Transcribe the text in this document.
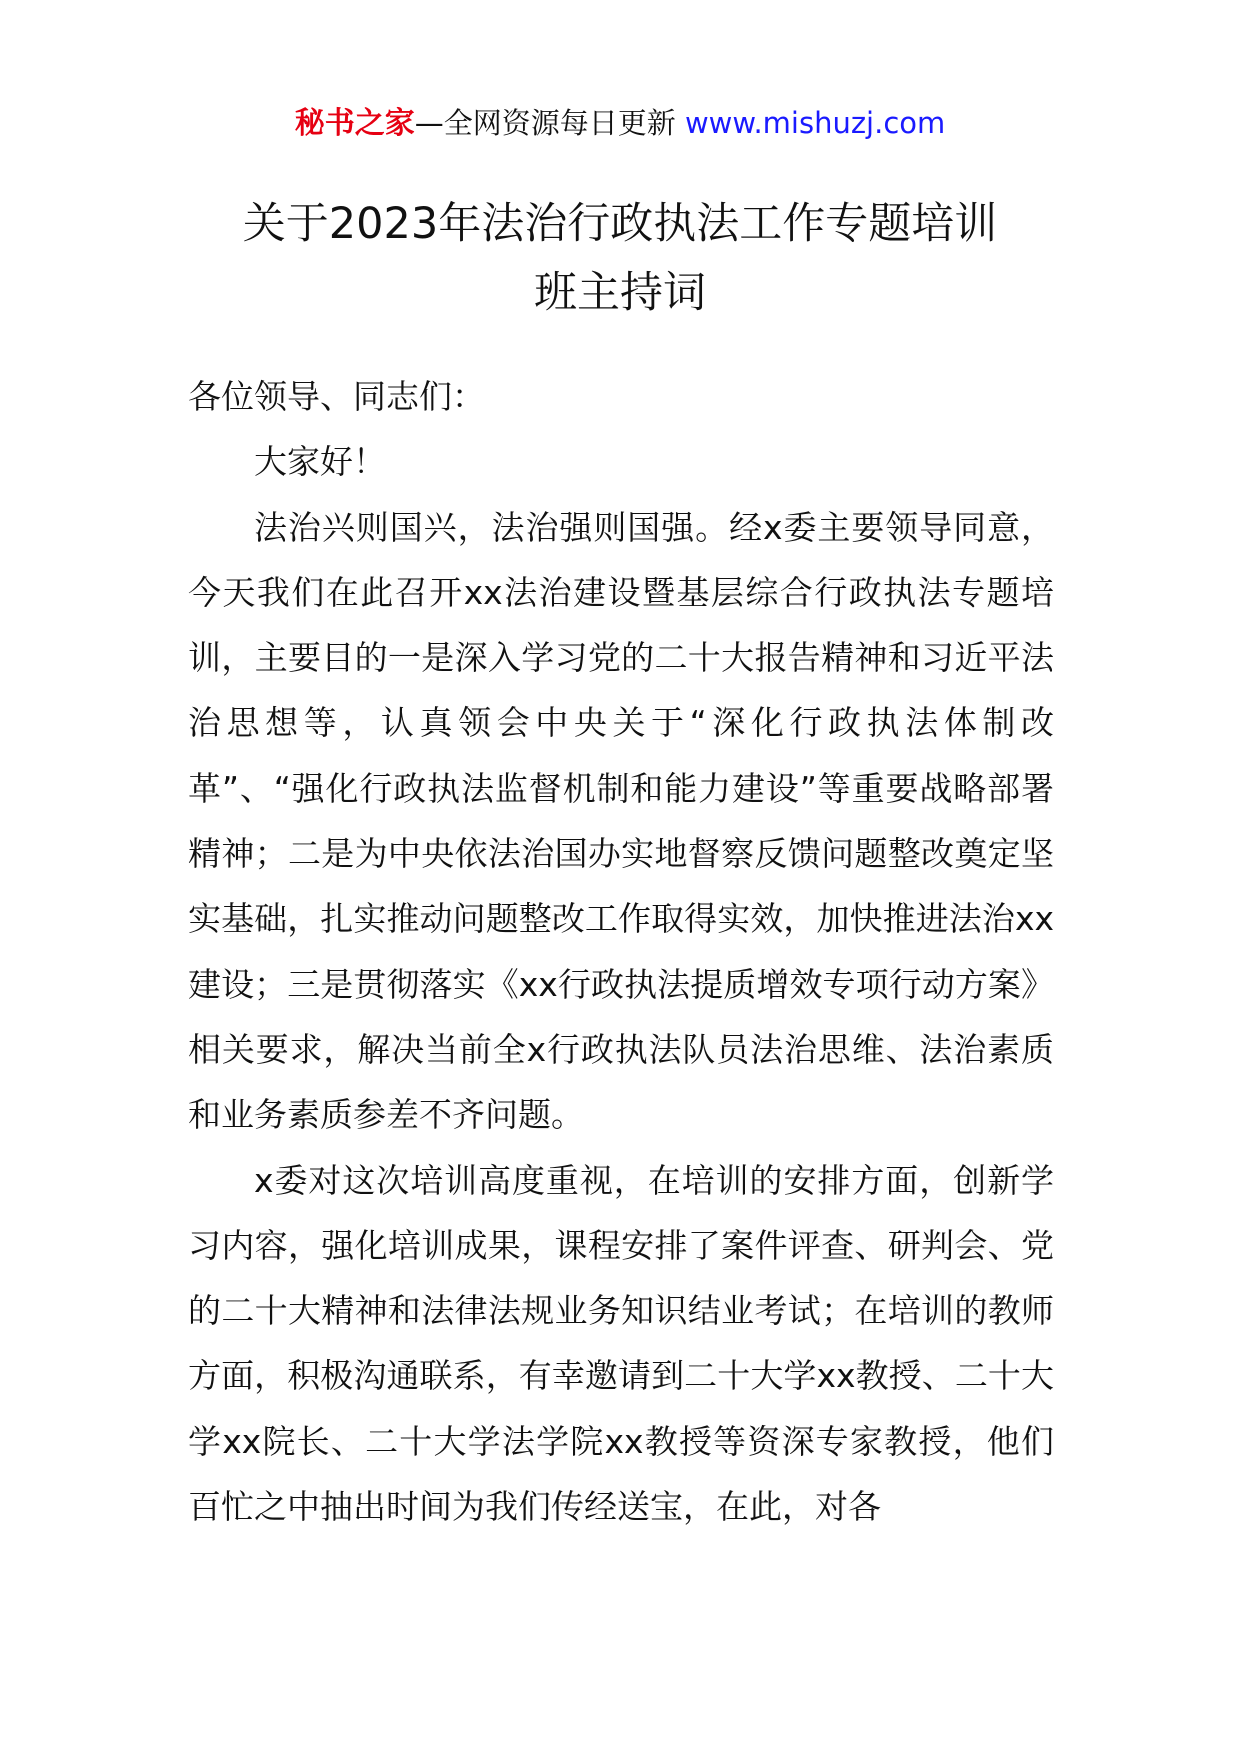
秘书之家—全网资源每日更新 www.mishuzj.com
关于2023年法治行政执法工作专题培训
班主持词

各位领导、同志们：

大家好！

法治兴则国兴，法治强则国强。经x委主要领导同意，今天我们在此召开xx法治建设暨基层综合行政执法专题培训，主要目的一是深入学习党的二十大报告精神和习近平法治思想等，认真领会中央关于“深化行政执法体制改革”、“强化行政执法监督机制和能力建设”等重要战略部署精神；二是为中央依法治国办实地督察反馈问题整改奠定坚实基础，扎实推动问题整改工作取得实效，加快推进法治xx建设；三是贯彻落实《xx行政执法提质增效专项行动方案》相关要求，解决当前全x行政执法队员法治思维、法治素质和业务素质参差不齐问题。

x委对这次培训高度重视，在培训的安排方面，创新学习内容，强化培训成果，课程安排了案件评查、研判会、党的二十大精神和法律法规业务知识结业考试；在培训的教师方面，积极沟通联系，有幸邀请到二十大学xx教授、二十大学xx院长、二十大学法学院xx教授等资深专家教授，他们百忙之中抽出时间为我们传经送宝，在此，对各
